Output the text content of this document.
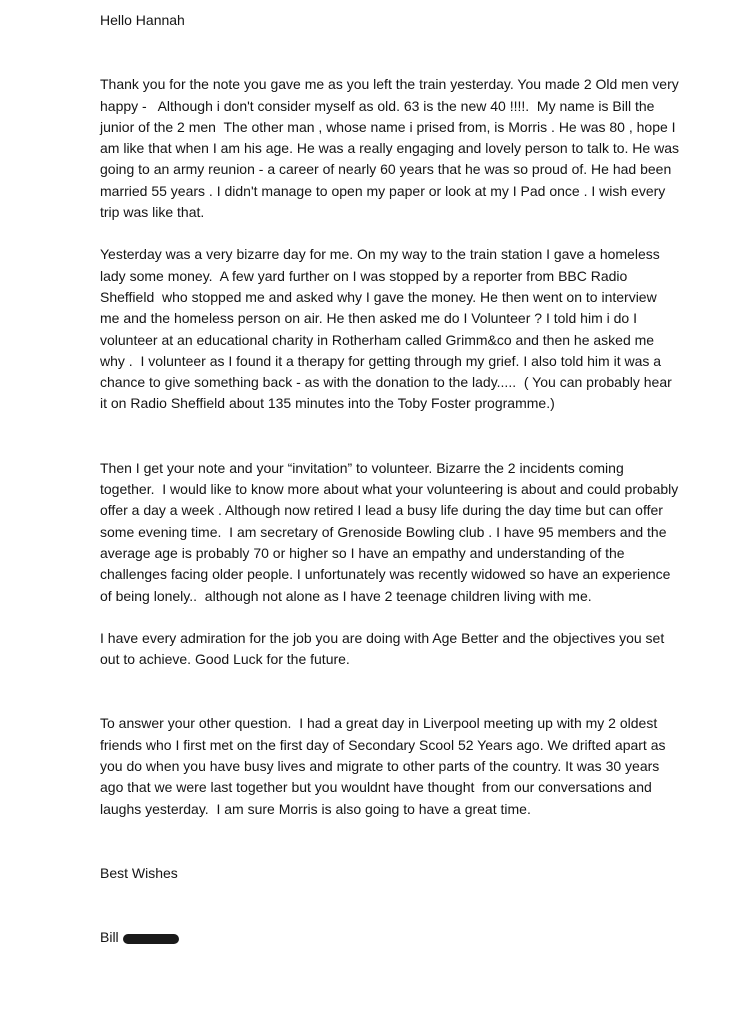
Hello Hannah

Thank you for the note you gave me as you left the train yesterday. You made 2 Old men very happy -   Although i don't consider myself as old. 63 is the new 40 !!!!.  My name is Bill the junior of the 2 men  The other man , whose name i prised from, is Morris . He was 80 , hope I am like that when I am his age. He was a really engaging and lovely person to talk to. He was going to an army reunion - a career of nearly 60 years that he was so proud of. He had been married 55 years . I didn't manage to open my paper or look at my I Pad once . I wish every trip was like that.

Yesterday was a very bizarre day for me. On my way to the train station I gave a homeless lady some money.  A few yard further on I was stopped by a reporter from BBC Radio Sheffield  who stopped me and asked why I gave the money. He then went on to interview me and the homeless person on air. He then asked me do I Volunteer ? I told him i do I volunteer at an educational charity in Rotherham called Grimm&co and then he asked me why .  I volunteer as I found it a therapy for getting through my grief. I also told him it was a chance to give something back - as with the donation to the lady.....  ( You can probably hear it on Radio Sheffield about 135 minutes into the Toby Foster programme.)

Then I get your note and your “invitation” to volunteer. Bizarre the 2 incidents coming together.  I would like to know more about what your volunteering is about and could probably offer a day a week . Although now retired I lead a busy life during the day time but can offer some evening time.  I am secretary of Grenoside Bowling club . I have 95 members and the average age is probably 70 or higher so I have an empathy and understanding of the challenges facing older people. I unfortunately was recently widowed so have an experience of being lonely..  although not alone as I have 2 teenage children living with me.

I have every admiration for the job you are doing with Age Better and the objectives you set out to achieve. Good Luck for the future.

To answer your other question.  I had a great day in Liverpool meeting up with my 2 oldest friends who I first met on the first day of Secondary Scool 52 Years ago. We drifted apart as you do when you have busy lives and migrate to other parts of the country. It was 30 years ago that we were last together but you wouldnt have thought  from our conversations and laughs yesterday.  I am sure Morris is also going to have a great time.

Best Wishes

Bill
